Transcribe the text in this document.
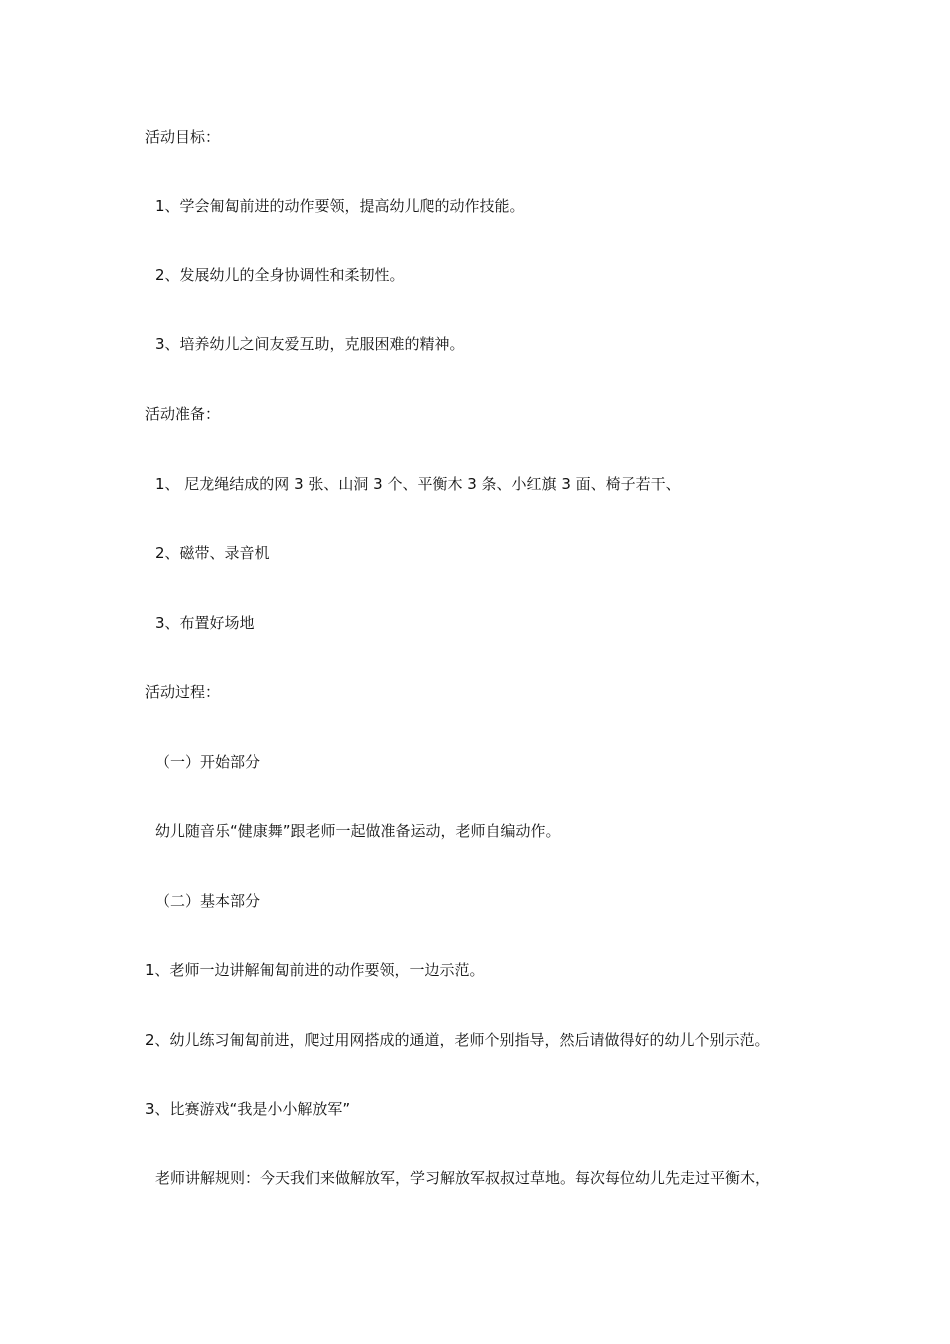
活动目标：
1、学会匍匐前进的动作要领，提高幼儿爬的动作技能。
2、发展幼儿的全身协调性和柔韧性。
3、培养幼儿之间友爱互助，克服困难的精神。
活动准备：
1、 尼龙绳结成的网 3 张、山洞 3 个、平衡木 3 条、小红旗 3 面、椅子若干、
2、磁带、录音机
3、布置好场地
活动过程：
（一）开始部分
幼儿随音乐“健康舞”跟老师一起做准备运动，老师自编动作。
（二）基本部分
1、老师一边讲解匍匐前进的动作要领，一边示范。
2、幼儿练习匍匐前进，爬过用网搭成的通道，老师个别指导，然后请做得好的幼儿个别示范。
3、比赛游戏“我是小小解放军”
老师讲解规则：今天我们来做解放军，学习解放军叔叔过草地。每次每位幼儿先走过平衡木，
